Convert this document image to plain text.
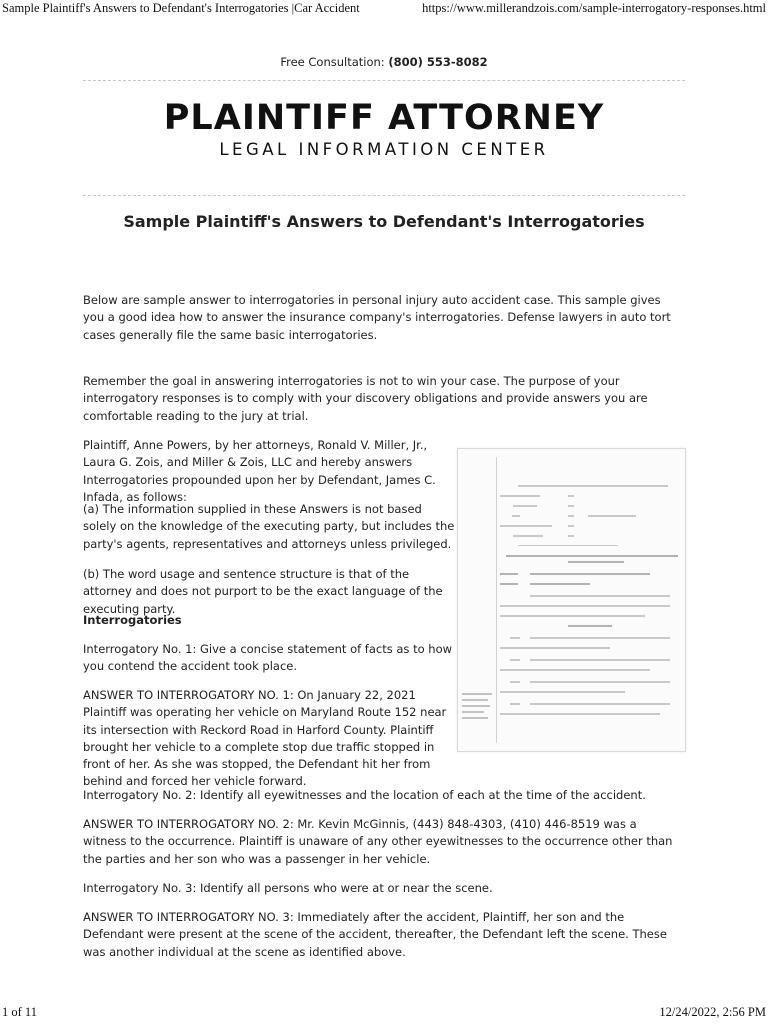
Sample Plaintiff's Answers to Defendant's Interrogatories |Car Accident	https://www.millerandzois.com/sample-interrogatory-responses.html
Free Consultation: (800) 553-8082
PLAINTIFF ATTORNEY
LEGAL INFORMATION CENTER
Sample Plaintiff's Answers to Defendant's Interrogatories

Below are sample answer to interrogatories in personal injury auto accident case. This sample gives you a good idea how to answer the insurance company's interrogatories. Defense lawyers in auto tort cases generally file the same basic interrogatories.

Remember the goal in answering interrogatories is not to win your case. The purpose of your interrogatory responses is to comply with your discovery obligations and provide answers you are comfortable reading to the jury at trial.

Plaintiff, Anne Powers, by her attorneys, Ronald V. Miller, Jr., Laura G. Zois, and Miller & Zois, LLC and hereby answers Interrogatories propounded upon her by Defendant, James C. Infada, as follows:

(a) The information supplied in these Answers is not based solely on the knowledge of the executing party, but includes the party's agents, representatives and attorneys unless privileged.

(b) The word usage and sentence structure is that of the attorney and does not purport to be the exact language of the executing party.

Interrogatories

Interrogatory No. 1: Give a concise statement of facts as to how you contend the accident took place.

ANSWER TO INTERROGATORY NO. 1: On January 22, 2021 Plaintiff was operating her vehicle on Maryland Route 152 near its intersection with Reckord Road in Harford County. Plaintiff brought her vehicle to a complete stop due traffic stopped in front of her. As she was stopped, the Defendant hit her from behind and forced her vehicle forward.

Interrogatory No. 2: Identify all eyewitnesses and the location of each at the time of the accident.

ANSWER TO INTERROGATORY NO. 2: Mr. Kevin McGinnis, (443) 848-4303, (410) 446-8519 was a witness to the occurrence. Plaintiff is unaware of any other eyewitnesses to the occurrence other than the parties and her son who was a passenger in her vehicle.

Interrogatory No. 3: Identify all persons who were at or near the scene.

ANSWER TO INTERROGATORY NO. 3: Immediately after the accident, Plaintiff, her son and the Defendant were present at the scene of the accident, thereafter, the Defendant left the scene. These was another individual at the scene as identified above.

1 of 11	12/24/2022, 2:56 PM
